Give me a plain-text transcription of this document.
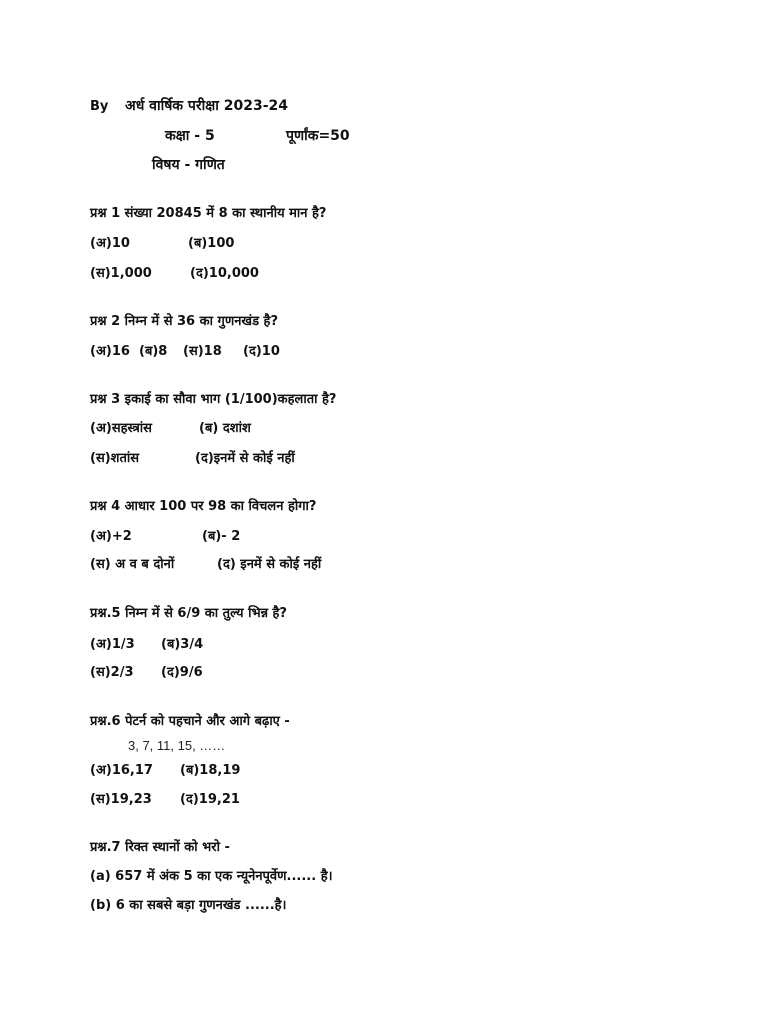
By अर्ध वार्षिक परीक्षा 2023-24
कक्षा - 5	पूर्णांक=50
विषय - गणित
प्रश्न 1 संख्या 20845 में 8 का स्थानीय मान है?
(अ)10	(ब)100
(स)1,000	(द)10,000
प्रश्न 2 निम्न में से 36 का गुणनखंड है?
(अ)16 (ब)8 (स)18 (द)10
प्रश्न 3 इकाई का सौवा भाग (1/100)कहलाता है?
(अ)सहस्त्रांस	(ब) दशांश
(स)शतांस	(द)इनमें से कोई नहीं
प्रश्न 4 आधार 100 पर 98 का विचलन होगा?
(अ)+2	(ब)- 2
(स) अ व ब दोनों	(द) इनमें से कोई नहीं
प्रश्न.5 निम्न में से 6/9 का तुल्य भिन्न है?
(अ)1/3 (ब)3/4
(स)2/3 (द)9/6
प्रश्न.6 पेटर्न को पहचाने और आगे बढ़ाए -
3, 7, 11, 15, ……
(अ)16,17 (ब)18,19
(स)19,23 (द)19,21
प्रश्न.7 रिक्त स्थानों को भरो -
(a) 657 में अंक 5 का एक न्यूनेनपूर्वेण...... है।
(b) 6 का सबसे बड़ा गुणनखंड ......है।
